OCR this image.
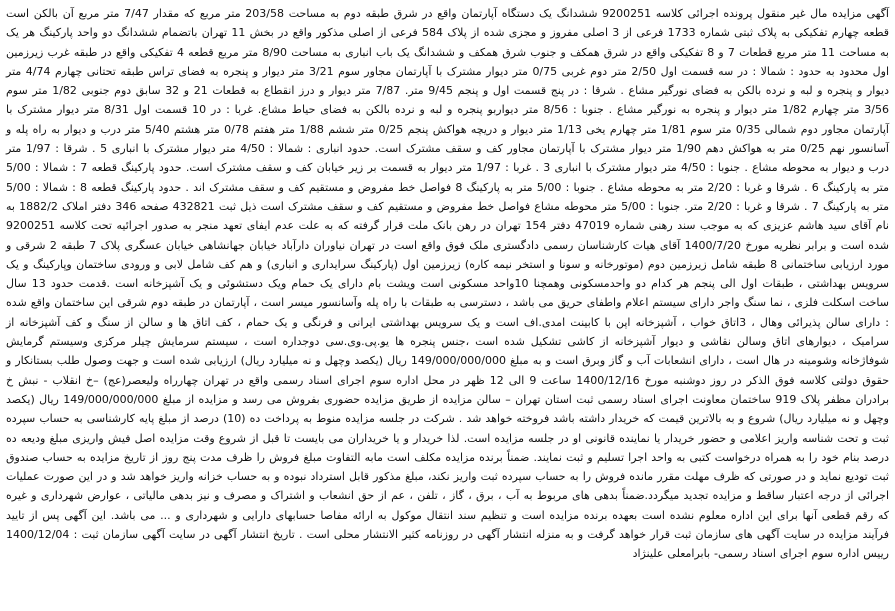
آگهی مزایده مال غیر منقول پرونده اجرائی کلاسه 9200251 ششدانگ یک دستگاه آپارتمان واقع در شرق طبقه دوم به مساحت 203/58 متر مربع که مقدار 7/47 متر مربع آن بالکن است قطعه چهارم تفکیکی به پلاک ثبتی شماره 1733 فرعی از 3 اصلی مفروز و مجزی شده از پلاک 584 فرعی از اصلی مذکور واقع در بخش 11 تهران باتضمام ششدانگ دو واحد پارکینگ هر یک به مساحت 11 متر مربع قطعات 7 و 8 تفکیکی واقع در شرق همکف و جنوب شرق همکف و ششدانگ یک باب انباری به مساحت 8/90 متر مربع قطعه 4 تفکیکی واقع در طبقه غرب زیرزمین اول محدود به حدود : شمالا : در سه قسمت اول 2/50 متر دوم غربی 0/75 متر دیوار مشترک با آپارتمان مجاور سوم 3/21 متر دیوار و پنجره به فضای تراس طبقه تحتانی چهارم 4/74 متر دیوار و پنجره و لبه و نرده بالکن به فضای نورگیر مشاع . شرقا : در پنج قسمت اول و پنجم 9/45 متر. 7/87 متر دیوار و درز انقطاع به قطعات 21 و 32 سابق دوم جنوبی 1/82 متر سوم 3/56 متر چهارم 1/82 متر دیوار و پنجره به نورگیر مشاع . جنوبا : 8/56 متر دیواربو پنجره و لبه و نرده بالکن به فضای حیاط مشاع. غربا : در 10 قسمت اول 8/31 متر دیوار مشترک با آپارتمان مجاور دوم شمالی 0/35 متر سوم 1/81 متر چهارم یخی 1/13 متر دیوار و دریچه هواکش پنجم 0/25 متر ششم 1/88 متر هفتم 0/78 متر هشتم 5/40 متر درب و دیوار به راه پله و آسانسور نهم 0/25 متر به هواکش دهم 1/90 متر دیوار مشترک با آپارتمان مجاور کف و سقف مشترک است. حدود انباری : شمالا : 4/50 متر دیوار مشترک با انباری 5 . شرقا : 1/97 متر درب و دیوار به محوطه مشاع . جنوبا : 4/50 متر دیوار مشترک با انباری 3 . غربا : 1/97 متر دیوار به قسمت بر زیر خیابان کف و سقف مشترک است. حدود پارکینگ قطعه 7 : شمالا : 5/00 متر به پارکینگ 6 . شرقا و غربا : 2/20 متر به محوطه مشاع . جنوبا : 5/00 متر به پارکینگ 8 فواصل خط مفروض و مستقیم کف و سقف مشترک اند . حدود پارکینگ قطعه 8 : شمالا : 5/00 متر به پارکینگ 7 . شرقا و غربا : 2/20 متر. جنوبا : 5/00 متر محوطه مشاع فواصل خط مفروض و مستقیم کف و سقف مشترک است ذیل ثبت 432821 صفحه 346 دفتر املاک 1882/2 به نام آقای سید هاشم عزیزی که به موجب سند رهنی شماره 47019 دفتر 154 تهران در رهن بانک ملت قرار گرفته که به علت عدم ایفای تعهد منجر به صدور اجرائیه تحت کلاسه 9200251 شده است و برابر نظریه مورخ 1400/7/20 آقای هیات کارشناسان رسمی دادگستری ملک فوق واقع است در تهران نیاوران دارآباد خیابان جهانشاهی خیابان عسگری پلاک 7 طبقه 2 شرقی و مورد ارزیابی ساختمانی 8 طبقه شامل زیرزمین دوم (موتورخانه و سونا و استخر نیمه کاره) زیرزمین اول (پارکینگ سرایداری و انباری) و هم کف شامل لابی و ورودی ساختمان وپارکینگ و یک سرویس بهداشتی ، طبقات اول الی پنجم هر کدام دو واحدمسکونی وهمچنا 10واحد مسکونی است ویشت بام دارای یک حمام ویک دستشوئی و یک آشپزخانه است .قدمت حدود 13 سال ساخت اسکلت فلزی ، نما سنگ واجر دارای سیستم اعلام واطفای حریق می باشد ، دسترسی به طبقات با راه پله وآسانسور میسر است ، آپارتمان در طبقه دوم شرقی این ساختمان واقع شده : دارای سالن پذیرائی وهال ، 3اتاق خواب ، آشپزخانه اپن با کابینت امدی.اف است و یک سرویس بهداشتی ایرانی و فرنگی و یک حمام ، کف اتاق ها و سالن از سنگ و کف آشپزخانه از سرامیک ، دیوارهای اتاق وسالن نقاشی و دیوار آشپزخانه از کاشی تشکیل شده است ،جنس پنجره ها یو.پی.وی.سی دوجداره است ، سیستم سرمایش چیلر مرکزی وسیستم گرمایش شوفاژخانه وشومینه در هال است ، دارای انشعابات آب و گاز وبرق است و به مبلغ 149/000/000/000 ریال (یکصد وچهل و نه میلیارد ریال) ارزیابی شده است و جهت وصول طلب بستانکار و حقوق دولتی کلاسه فوق الذکر در روز دوشنبه مورخ 1400/12/16 ساعت 9 الی 12 ظهر در محل اداره سوم اجرای اسناد رسمی واقع در تهران چهارراه ولیعصر(عج) –خ انقلاب - نبش خ برادران مظفر پلاک 919 ساختمان معاونت اجرای اسناد رسمی ثبت استان تهران – سالن مزایده از طریق مزایده حضوری بفروش می رسد و مزایده از مبلغ 149/000/000/000 ریال (یکصد وچهل و نه میلیارد ریال) شروع و به بالاترین قیمت که خریدار داشته باشد فروخته خواهد شد . شرکت در جلسه مزایده منوط به پرداخت ده (10) درصد از مبلغ پایه کارشناسی به حساب سپرده ثبت و تحت شناسه واریز اعلامی و حضور خریدار یا نماینده قانونی او در جلسه مزایده است. لذا خریدار و یا خریداران می بایست تا قبل از شروع وقت مزایده اصل فیش واریزی مبلغ ودیعه ده درصد بنام خود را به همراه درخواست کتبی به واحد اجرا تسلیم و ثبت نمایند. ضمناً برنده مزایده مکلف است مابه التفاوت مبلغ فروش را ظرف مدت پنج روز از تاریخ مزایده به حساب صندوق ثبت تودیع نماید و در صورتی که ظرف مهلت مقرر مانده فروش را به حساب سپرده ثبت واریز نکند، مبلغ مذکور قابل استرداد نبوده و به حساب خزانه واریز خواهد شد و در این صورت عملیات اجرائی از درجه اعتبار ساقط و مزایده تجدید میگردد.ضمناً بدهی های مربوط به آب ، برق ، گاز ، تلفن ، عم از حق انشعاب و اشتراک و مصرف و نیز بدهی مالیاتی ، عوارض شهرداری و غیره که رقم قطعی آنها برای این اداره معلوم نشده است بعهده برنده مزایده است و تنظیم سند انتقال موکول به ارائه مفاصا حسابهای دارایی و شهرداری و ... می باشد. این آگهی پس از تایید فرآیند مزایده در سایت آگهی های سازمان ثبت قرار خواهد گرفت و به منزله انتشار آگهی در روزنامه کثیر الانتشار محلی است . تاریخ انتشار آگهی در سایت آگهی سازمان ثبت : 1400/12/04 رییس اداره سوم اجرای اسناد رسمی- بابرامعلی علینژاد
